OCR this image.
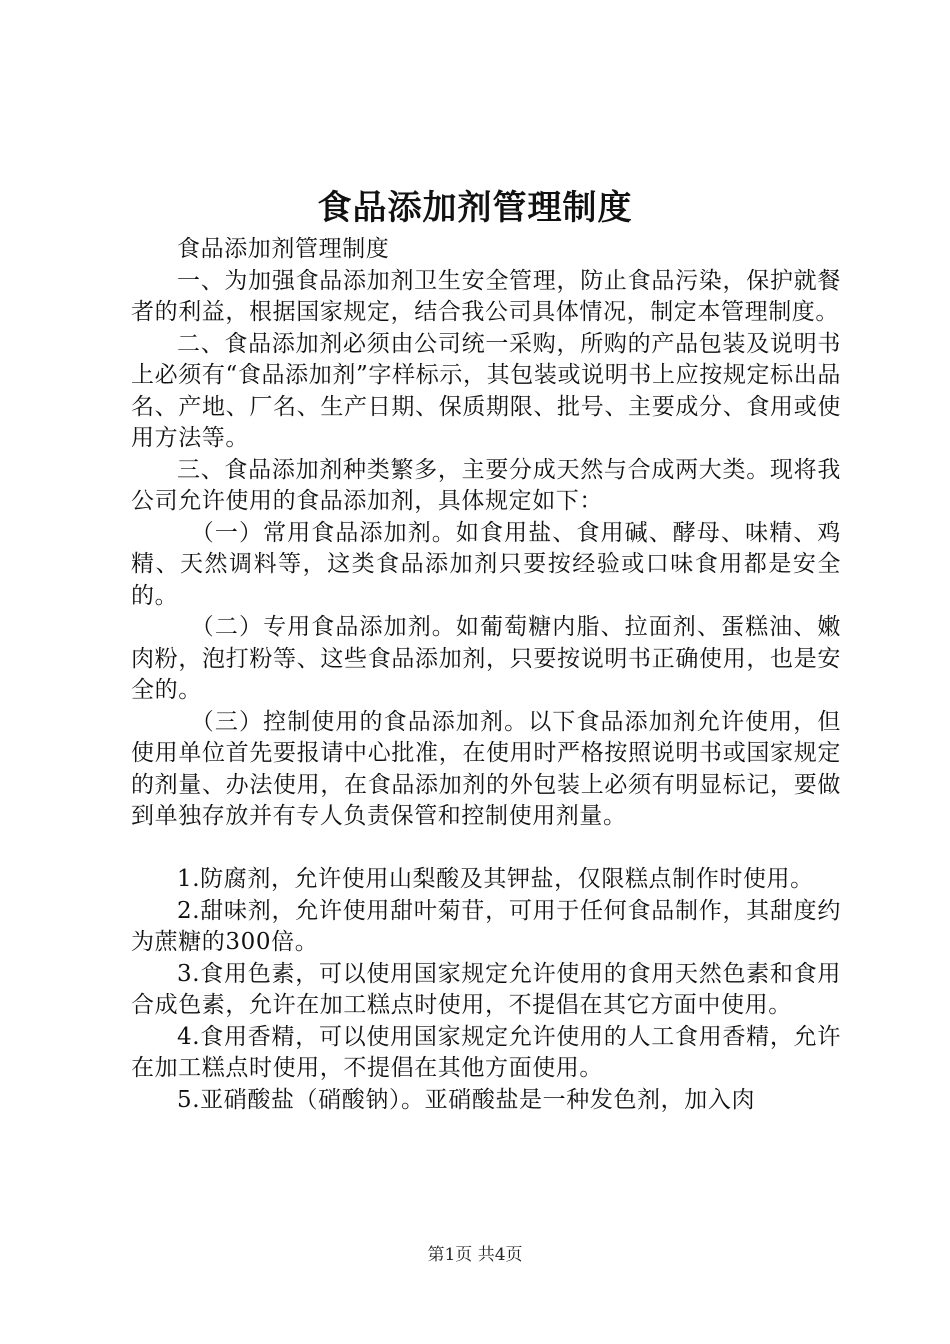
食品添加剂管理制度

食品添加剂管理制度

一、为加强食品添加剂卫生安全管理，防止食品污染，保护就餐者的利益，根据国家规定，结合我公司具体情况，制定本管理制度。

二、食品添加剂必须由公司统一采购，所购的产品包装及说明书上必须有“食品添加剂”字样标示，其包装或说明书上应按规定标出品名、产地、厂名、生产日期、保质期限、批号、主要成分、食用或使用方法等。

三、食品添加剂种类繁多，主要分成天然与合成两大类。现将我公司允许使用的食品添加剂，具体规定如下：

（一）常用食品添加剂。如食用盐、食用碱、酵母、味精、鸡精、天然调料等，这类食品添加剂只要按经验或口味食用都是安全的。

（二）专用食品添加剂。如葡萄糖内脂、拉面剂、蛋糕油、嫩肉粉，泡打粉等、这些食品添加剂，只要按说明书正确使用，也是安全的。

（三）控制使用的食品添加剂。以下食品添加剂允许使用，但使用单位首先要报请中心批准，在使用时严格按照说明书或国家规定的剂量、办法使用，在食品添加剂的外包装上必须有明显标记，要做到单独存放并有专人负责保管和控制使用剂量。

1.防腐剂，允许使用山梨酸及其钾盐，仅限糕点制作时使用。

2.甜味剂，允许使用甜叶菊苷，可用于任何食品制作，其甜度约为蔗糖的300倍。

3.食用色素，可以使用国家规定允许使用的食用天然色素和食用合成色素，允许在加工糕点时使用，不提倡在其它方面中使用。

4.食用香精，可以使用国家规定允许使用的人工食用香精，允许在加工糕点时使用，不提倡在其他方面使用。

5.亚硝酸盐（硝酸钠）。亚硝酸盐是一种发色剂，加入肉

第1页 共4页
